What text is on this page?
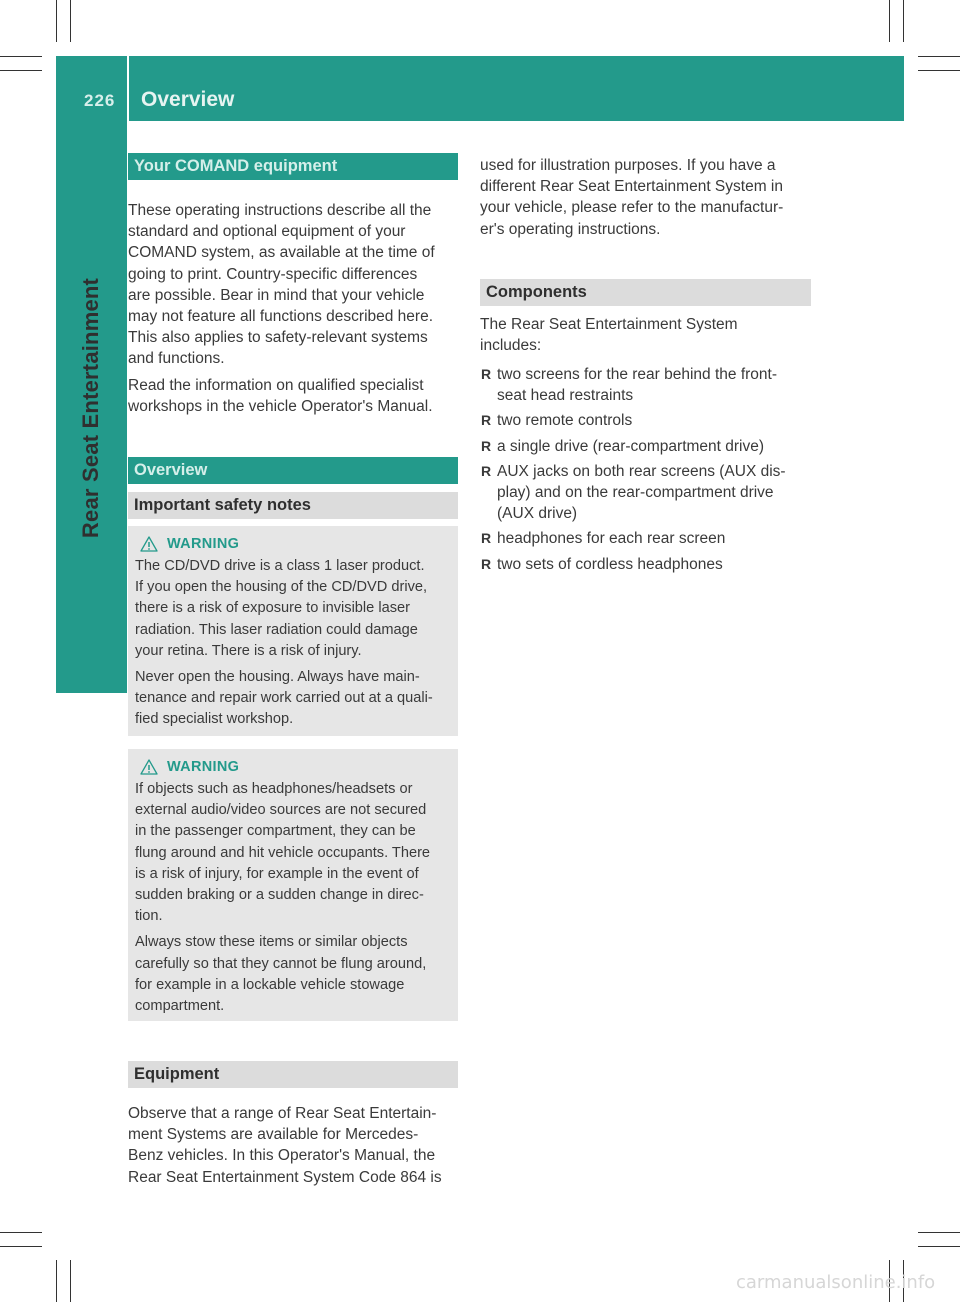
226 Overview
Rear Seat Entertainment
Your COMAND equipment
These operating instructions describe all the
standard and optional equipment of your
COMAND system, as available at the time of
going to print. Country-specific differences
are possible. Bear in mind that your vehicle
may not feature all functions described here.
This also applies to safety-relevant systems
and functions.
Read the information on qualified specialist
workshops in the vehicle Operator's Manual.
Overview
Important safety notes
WARNING
The CD/DVD drive is a class 1 laser product.
If you open the housing of the CD/DVD drive,
there is a risk of exposure to invisible laser
radiation. This laser radiation could damage
your retina. There is a risk of injury.
Never open the housing. Always have main-
tenance and repair work carried out at a quali-
fied specialist workshop.
WARNING
If objects such as headphones/headsets or
external audio/video sources are not secured
in the passenger compartment, they can be
flung around and hit vehicle occupants. There
is a risk of injury, for example in the event of
sudden braking or a sudden change in direc-
tion.
Always stow these items or similar objects
carefully so that they cannot be flung around,
for example in a lockable vehicle stowage
compartment.
Equipment
Observe that a range of Rear Seat Entertain-
ment Systems are available for Mercedes-
Benz vehicles. In this Operator's Manual, the
Rear Seat Entertainment System Code 864 is
used for illustration purposes. If you have a
different Rear Seat Entertainment System in
your vehicle, please refer to the manufactur-
er's operating instructions.
Components
The Rear Seat Entertainment System
includes:
R two screens for the rear behind the front-
seat head restraints
R two remote controls
R a single drive (rear-compartment drive)
R AUX jacks on both rear screens (AUX dis-
play) and on the rear-compartment drive
(AUX drive)
R headphones for each rear screen
R two sets of cordless headphones
carmanualsonline.info
